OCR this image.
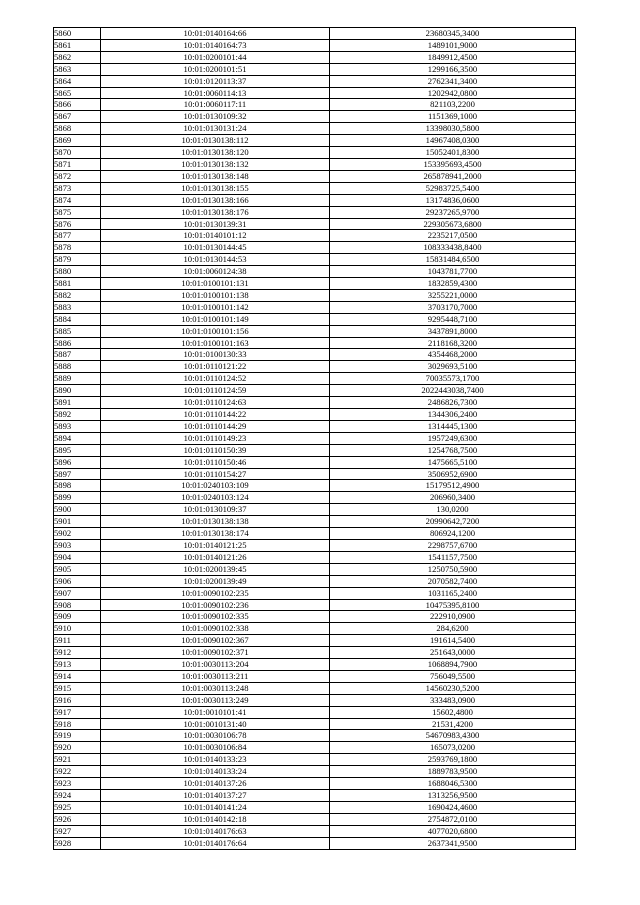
5860	10:01:0140164:66	23680345,3400
5861	10:01:0140164:73	1489101,9000
5862	10:01:0200101:44	1849912,4500
5863	10:01:0200101:51	1299166,3500
5864	10:01:0120113:37	2762341,3400
5865	10:01:0060114:13	1202942,0800
5866	10:01:0060117:11	821103,2200
5867	10:01:0130109:32	1151369,1000
5868	10:01:0130131:24	13398030,5800
5869	10:01:0130138:112	14967408,0300
5870	10:01:0130138:120	15052401,8300
5871	10:01:0130138:132	153395693,4500
5872	10:01:0130138:148	265878941,2000
5873	10:01:0130138:155	52983725,5400
5874	10:01:0130138:166	13174836,0600
5875	10:01:0130138:176	29237265,9700
5876	10:01:0130139:31	229305673,6800
5877	10:01:0140101:12	2235217,0500
5878	10:01:0130144:45	108333438,8400
5879	10:01:0130144:53	15831484,6500
5880	10:01:0060124:38	1043781,7700
5881	10:01:0100101:131	1832859,4300
5882	10:01:0100101:138	3255221,0000
5883	10:01:0100101:142	3703170,7000
5884	10:01:0100101:149	9295448,7100
5885	10:01:0100101:156	3437891,8000
5886	10:01:0100101:163	2118168,3200
5887	10:01:0100130:33	4354468,2000
5888	10:01:0110121:22	3029693,5100
5889	10:01:0110124:52	70035573,1700
5890	10:01:0110124:59	2022443038,7400
5891	10:01:0110124:63	2486826,7300
5892	10:01:0110144:22	1344306,2400
5893	10:01:0110144:29	1314445,1300
5894	10:01:0110149:23	1957249,6300
5895	10:01:0110150:39	1254768,7500
5896	10:01:0110150:46	1475665,5100
5897	10:01:0110154:27	3506952,6900
5898	10:01:0240103:109	15179512,4900
5899	10:01:0240103:124	206960,3400
5900	10:01:0130109:37	130,0200
5901	10:01:0130138:138	20990642,7200
5902	10:01:0130138:174	806924,1200
5903	10:01:0140121:25	2298757,6700
5904	10:01:0140121:26	1541157,7500
5905	10:01:0200139:45	1250750,5900
5906	10:01:0200139:49	2070582,7400
5907	10:01:0090102:235	1031165,2400
5908	10:01:0090102:236	10475395,8100
5909	10:01:0090102:335	222910,0900
5910	10:01:0090102:338	284,6200
5911	10:01:0090102:367	191614,5400
5912	10:01:0090102:371	251643,0000
5913	10:01:0030113:204	1068894,7900
5914	10:01:0030113:211	756049,5500
5915	10:01:0030113:248	14560230,5200
5916	10:01:0030113:249	333483,0900
5917	10:01:0010101:41	15602,4800
5918	10:01:0010131:40	21531,4200
5919	10:01:0030106:78	54670983,4300
5920	10:01:0030106:84	165073,0200
5921	10:01:0140133:23	2593769,1800
5922	10:01:0140133:24	1889783,9500
5923	10:01:0140137:26	1688046,5300
5924	10:01:0140137:27	1313256,9500
5925	10:01:0140141:24	1690424,4600
5926	10:01:0140142:18	2754872,0100
5927	10:01:0140176:63	4077020,6800
5928	10:01:0140176:64	2637341,9500
